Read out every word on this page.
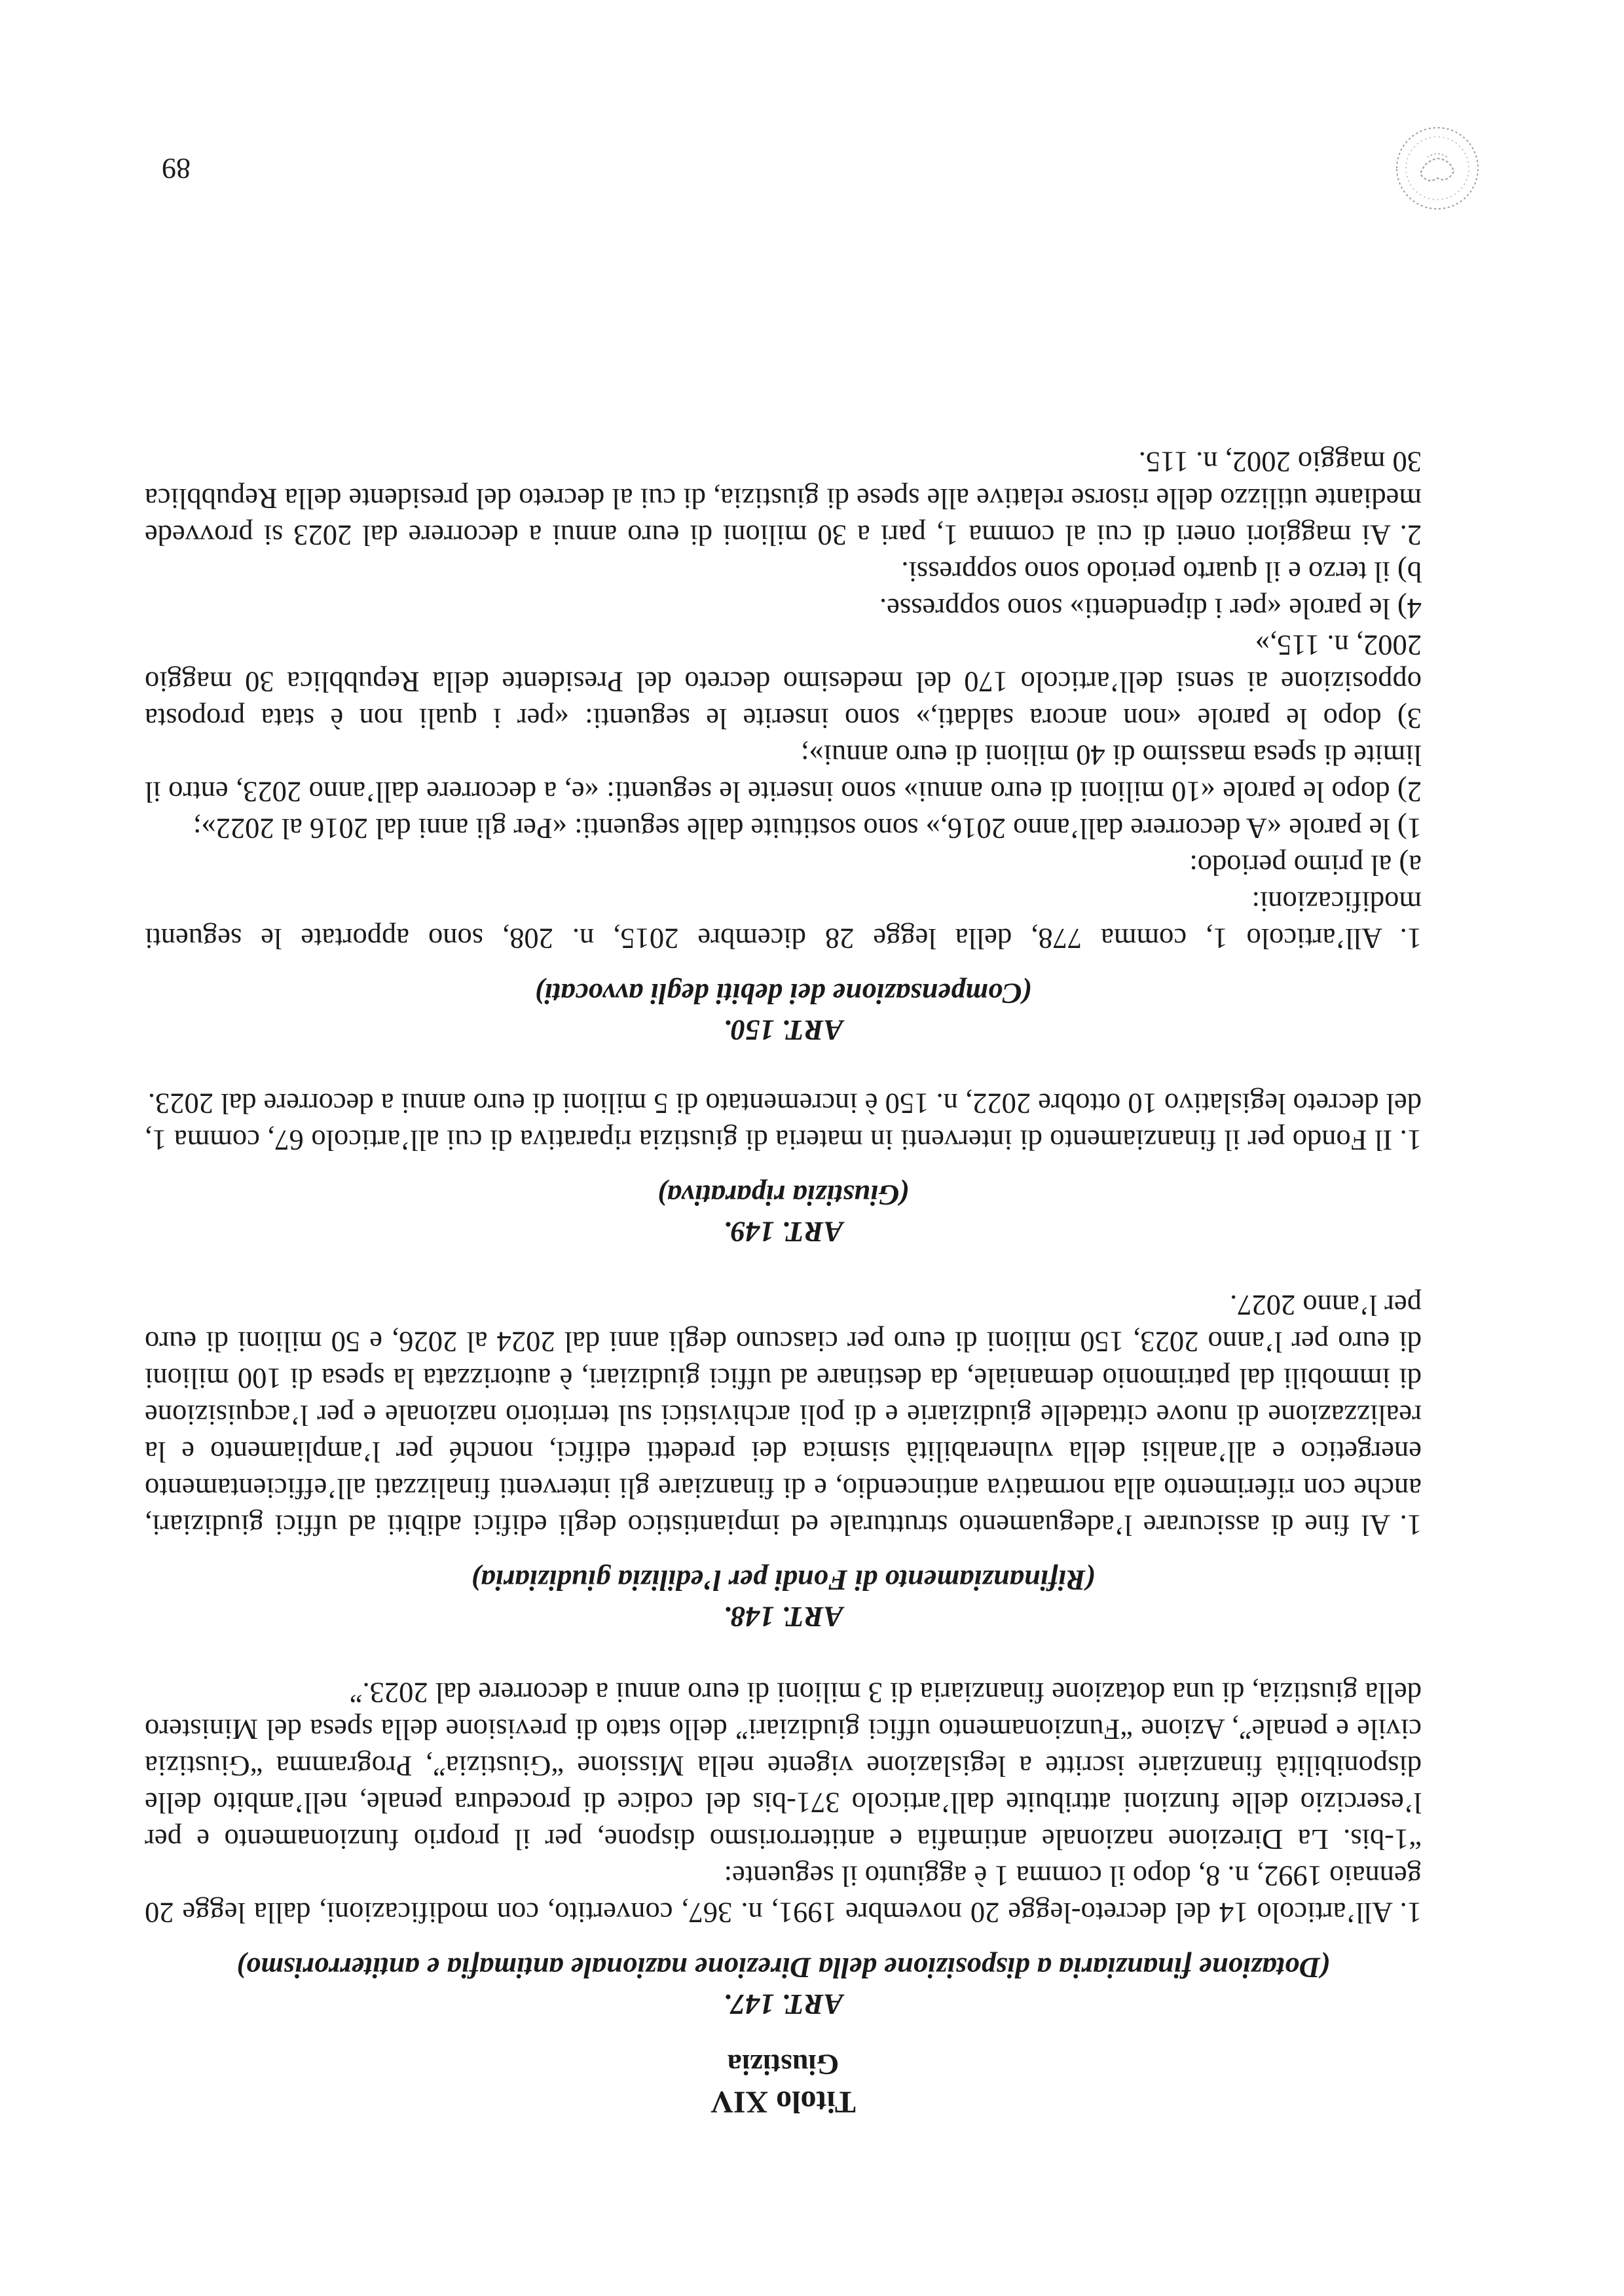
89

Titolo XIV

Giustizia

ART. 147.

(Dotazione finanziaria a disposizione della Direzione nazionale antimafia e antiterrorismo)

1. All’articolo 14 del decreto-legge 20 novembre 1991, n. 367, convertito, con modificazioni, dalla legge 20 gennaio 1992, n. 8, dopo il comma 1 è aggiunto il seguente:

“1-bis. La Direzione nazionale antimafia e antiterrorismo dispone, per il proprio funzionamento e per l’esercizio delle funzioni attribuite dall’articolo 371-bis del codice di procedura penale, nell’ambito delle disponibilità finanziarie iscritte a legislazione vigente nella Missione “Giustizia”, Programma “Giustizia civile e penale”, Azione “Funzionamento uffici giudiziari” dello stato di previsione della spesa del Ministero della giustizia, di una dotazione finanziaria di 3 milioni di euro annui a decorrere dal 2023.”

ART. 148.

(Rifinanziamento di Fondi per l’edilizia giudiziaria)

1. Al fine di assicurare l’adeguamento strutturale ed impiantistico degli edifici adibiti ad uffici giudiziari, anche con riferimento alla normativa antincendio, e di finanziare gli interventi finalizzati all’efficientamento energetico e all’analisi della vulnerabilità sismica dei predetti edifici, nonché per l’ampliamento e la realizzazione di nuove cittadelle giudiziarie e di poli archivistici sul territorio nazionale e per l’acquisizione di immobili dal patrimonio demaniale, da destinare ad uffici giudiziari, è autorizzata la spesa di 100 milioni di euro per l’anno 2023, 150 milioni di euro per ciascuno degli anni dal 2024 al 2026, e 50 milioni di euro per l’anno 2027.

ART. 149.

(Giustizia riparativa)

1. Il Fondo per il finanziamento di interventi in materia di giustizia riparativa di cui all’articolo 67, comma 1, del decreto legislativo 10 ottobre 2022, n. 150 è incrementato di 5 milioni di euro annui a decorrere dal 2023.

ART. 150.

(Compensazione dei debiti degli avvocati)

1. All’articolo 1, comma 778, della legge 28 dicembre 2015, n. 208, sono apportate le seguenti modificazioni:

a) al primo periodo:

1) le parole «A decorrere dall’anno 2016,» sono sostituite dalle seguenti: «Per gli anni dal 2016 al 2022»;

2) dopo le parole «10 milioni di euro annui» sono inserite le seguenti: «e, a decorrere dall’anno 2023, entro il limite di spesa massimo di 40 milioni di euro annui»;

3) dopo le parole «non ancora saldati,» sono inserite le seguenti: «per i quali non è stata proposta opposizione ai sensi dell’articolo 170 del medesimo decreto del Presidente della Repubblica 30 maggio 2002, n. 115,»

4) le parole «per i dipendenti» sono soppresse.

b) il terzo e il quarto periodo sono soppressi.

2. Ai maggiori oneri di cui al comma 1, pari a 30 milioni di euro annui a decorrere dal 2023 si provvede mediante utilizzo delle risorse relative alle spese di giustizia, di cui al decreto del presidente della Repubblica 30 maggio 2002, n. 115.
